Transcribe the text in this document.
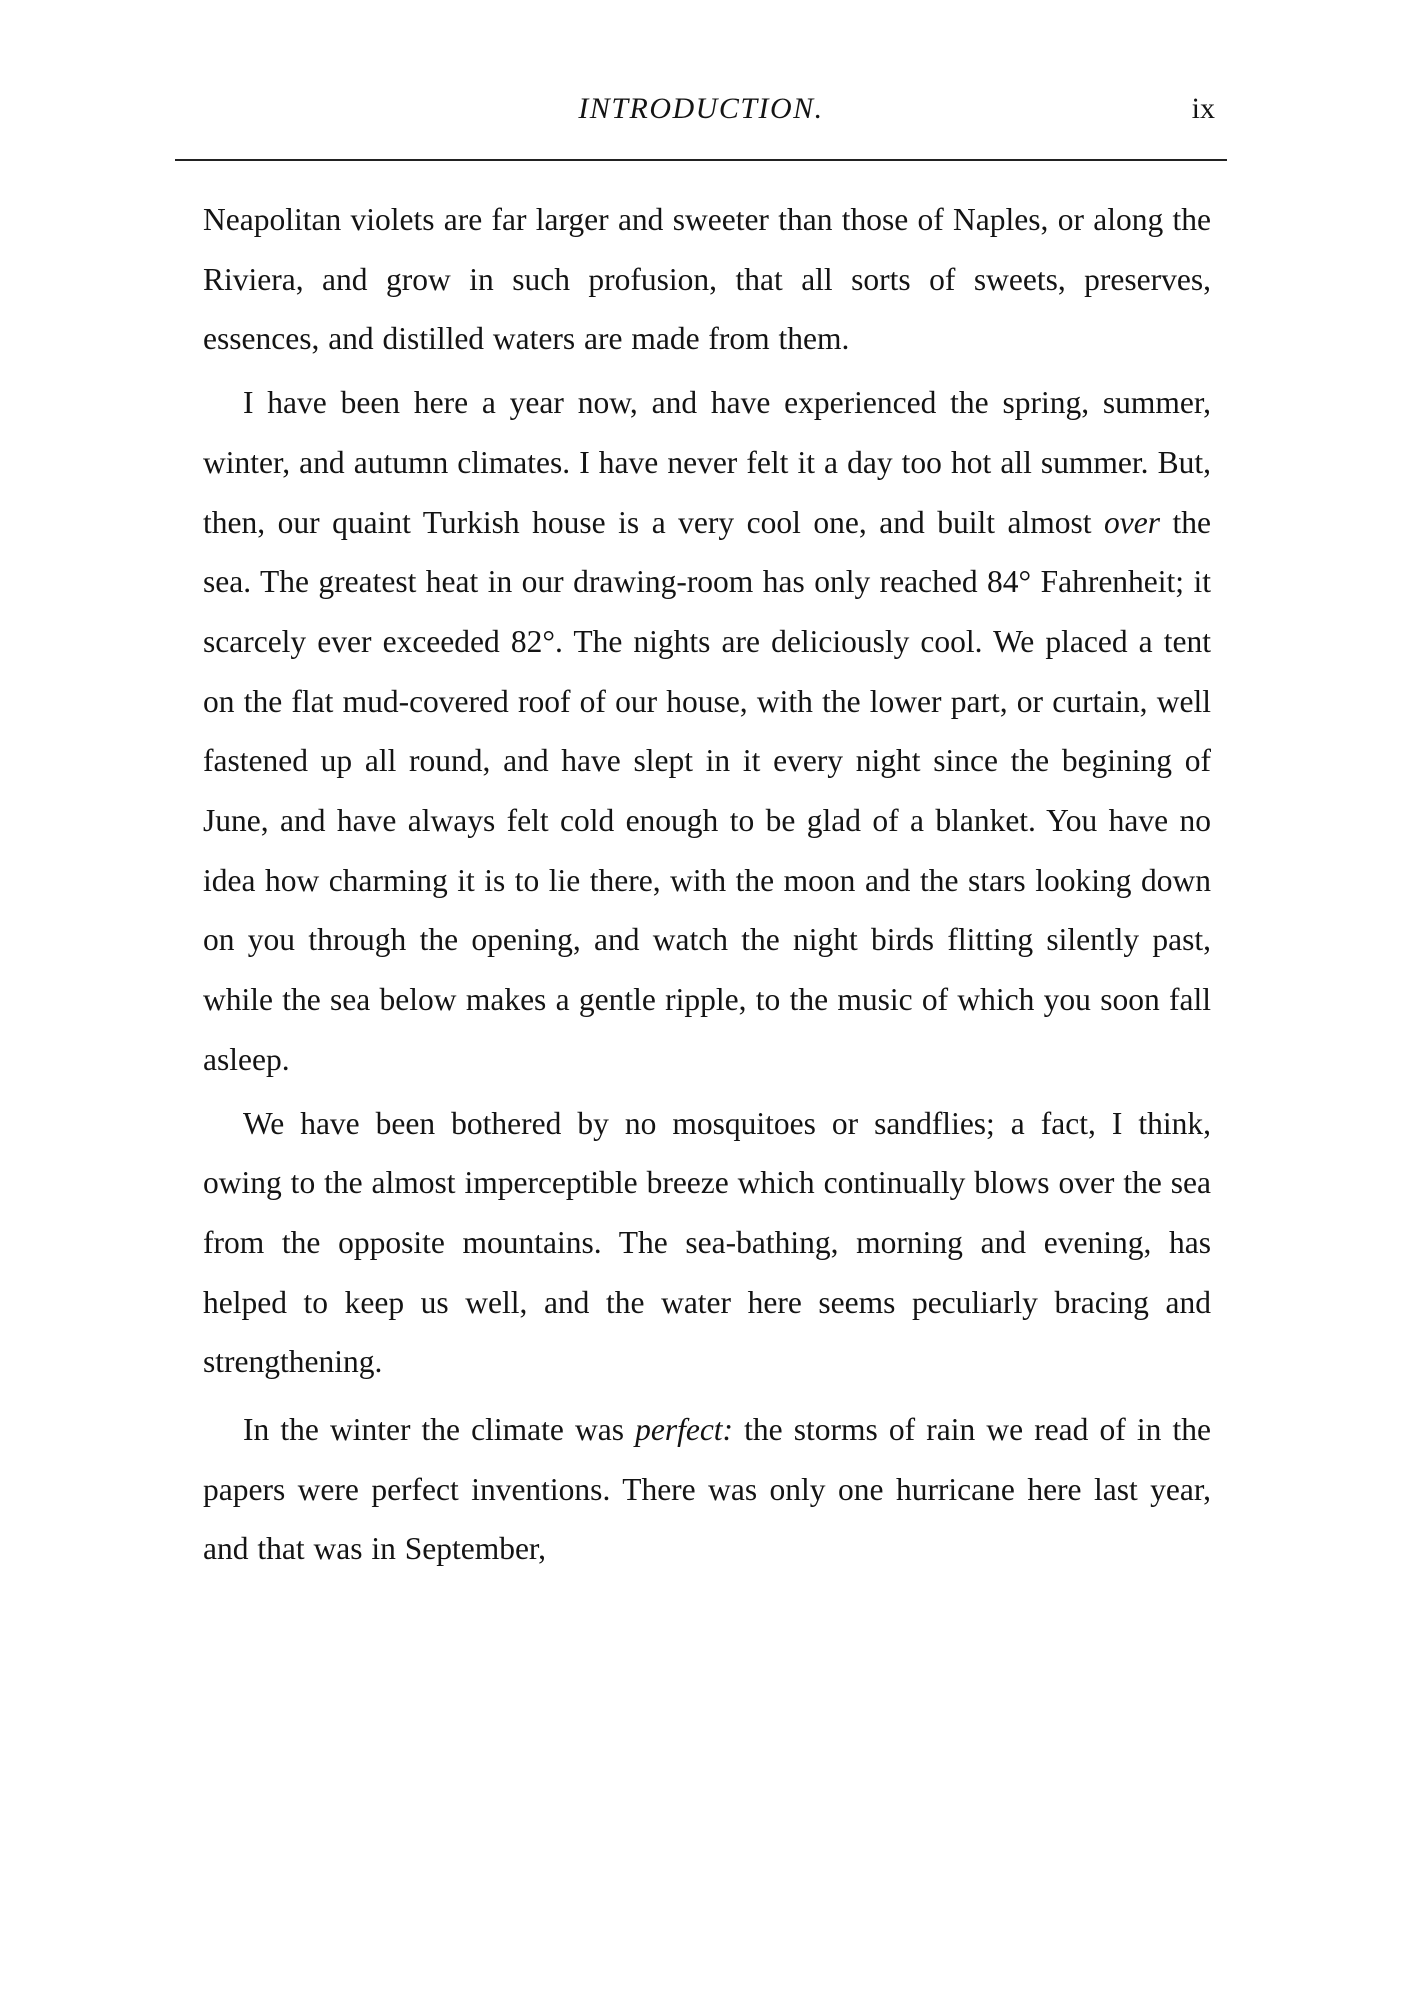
INTRODUCTION.	ix

Neapolitan violets are far larger and sweeter than those of Naples, or along the Riviera, and grow in such profusion, that all sorts of sweets, preserves, essences, and distilled waters are made from them.

I have been here a year now, and have experienced the spring, summer, winter, and autumn climates. I have never felt it a day too hot all summer. But, then, our quaint Turkish house is a very cool one, and built almost over the sea. The greatest heat in our drawing-room has only reached 84° Fahrenheit; it scarcely ever exceeded 82°. The nights are deliciously cool. We placed a tent on the flat mud-covered roof of our house, with the lower part, or curtain, well fastened up all round, and have slept in it every night since the begining of June, and have always felt cold enough to be glad of a blanket. You have no idea how charming it is to lie there, with the moon and the stars looking down on you through the opening, and watch the night birds flitting silently past, while the sea below makes a gentle ripple, to the music of which you soon fall asleep.

We have been bothered by no mosquitoes or sandflies; a fact, I think, owing to the almost imperceptible breeze which continually blows over the sea from the opposite mountains. The sea-bathing, morning and evening, has helped to keep us well, and the water here seems peculiarly bracing and strengthening.

In the winter the climate was perfect: the storms of rain we read of in the papers were perfect inventions. There was only one hurricane here last year, and that was in September,
